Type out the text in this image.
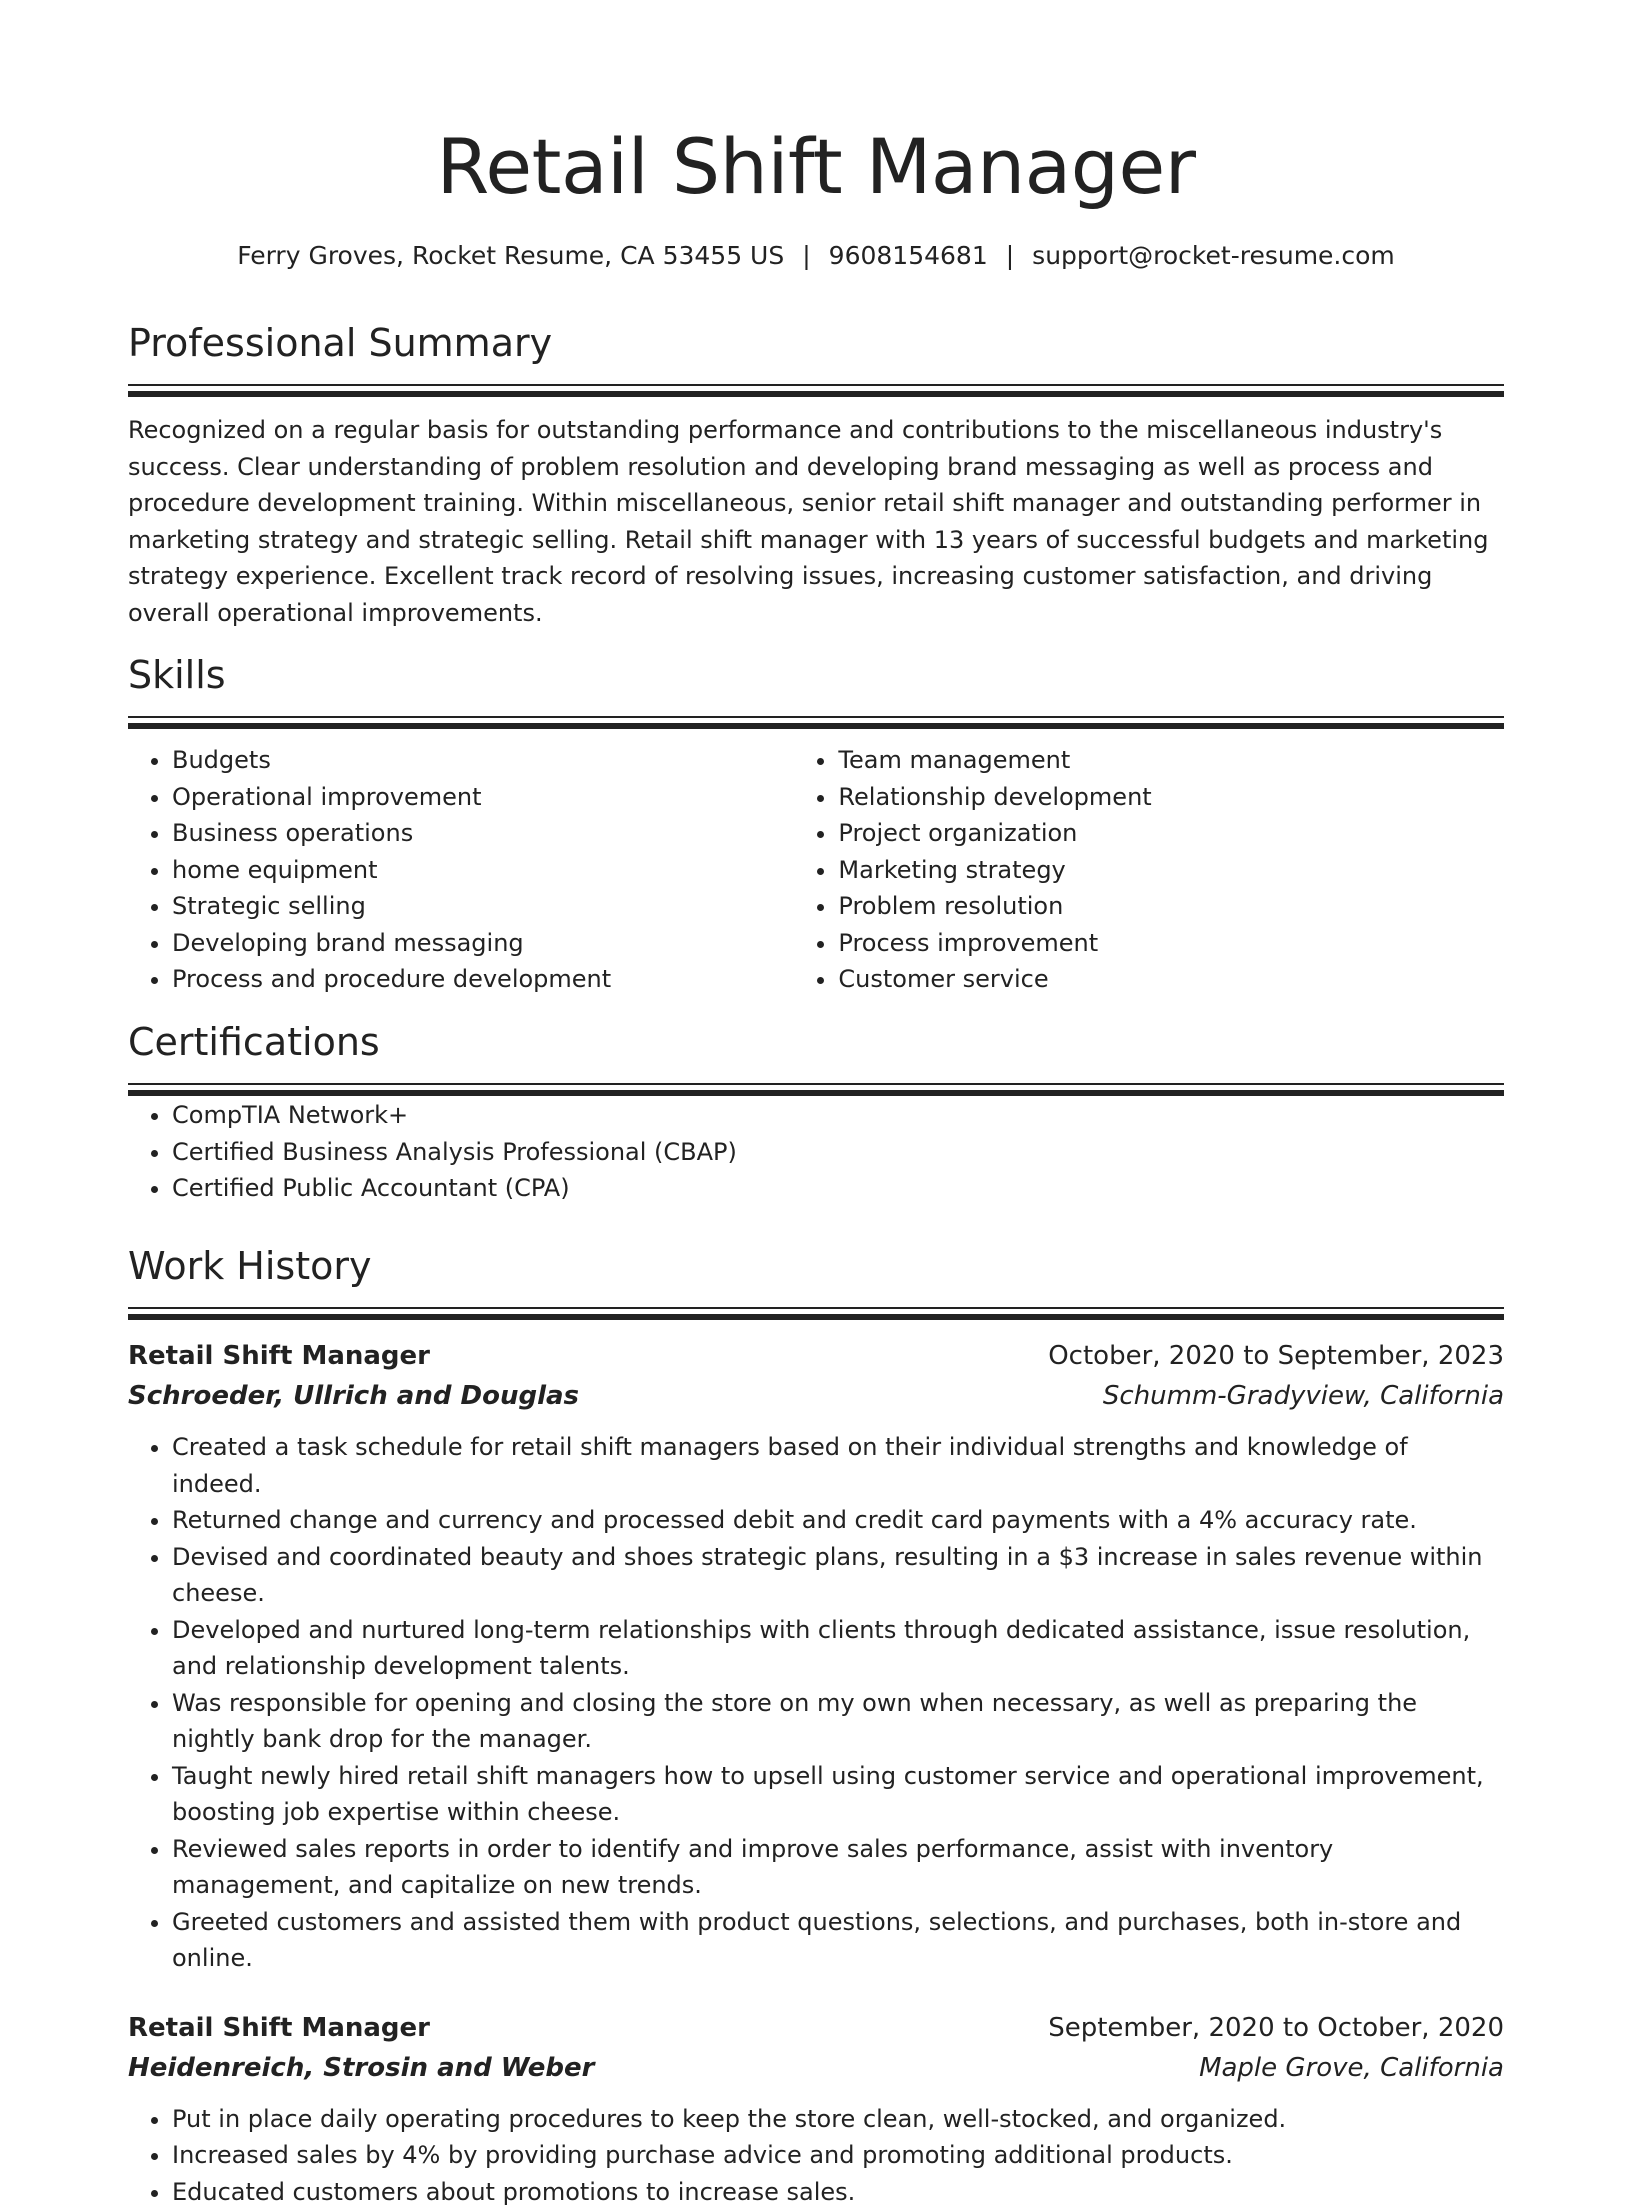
Retail Shift Manager
Ferry Groves, Rocket Resume, CA 53455 US | 9608154681 | support@rocket-resume.com
Professional Summary

Recognized on a regular basis for outstanding performance and contributions to the miscellaneous industry's success. Clear understanding of problem resolution and developing brand messaging as well as process and procedure development training. Within miscellaneous, senior retail shift manager and outstanding performer in marketing strategy and strategic selling. Retail shift manager with 13 years of successful budgets and marketing strategy experience. Excellent track record of resolving issues, increasing customer satisfaction, and driving overall operational improvements.

Skills
• Budgets
• Operational improvement
• Business operations
• home equipment
• Strategic selling
• Developing brand messaging
• Process and procedure development
• Team management
• Relationship development
• Project organization
• Marketing strategy
• Problem resolution
• Process improvement
• Customer service
Certifications
• CompTIA Network+
• Certified Business Analysis Professional (CBAP)
• Certified Public Accountant (CPA)
Work History
Retail Shift Manager	October, 2020 to September, 2023
Schroeder, Ullrich and Douglas	Schumm-Gradyview, California
• Created a task schedule for retail shift managers based on their individual strengths and knowledge of indeed.
• Returned change and currency and processed debit and credit card payments with a 4% accuracy rate.
• Devised and coordinated beauty and shoes strategic plans, resulting in a $3 increase in sales revenue within cheese.
• Developed and nurtured long-term relationships with clients through dedicated assistance, issue resolution, and relationship development talents.
• Was responsible for opening and closing the store on my own when necessary, as well as preparing the nightly bank drop for the manager.
• Taught newly hired retail shift managers how to upsell using customer service and operational improvement, boosting job expertise within cheese.
• Reviewed sales reports in order to identify and improve sales performance, assist with inventory management, and capitalize on new trends.
• Greeted customers and assisted them with product questions, selections, and purchases, both in-store and online.
Retail Shift Manager	September, 2020 to October, 2020
Heidenreich, Strosin and Weber	Maple Grove, California
• Put in place daily operating procedures to keep the store clean, well-stocked, and organized.
• Increased sales by 4% by providing purchase advice and promoting additional products.
• Educated customers about promotions to increase sales.
